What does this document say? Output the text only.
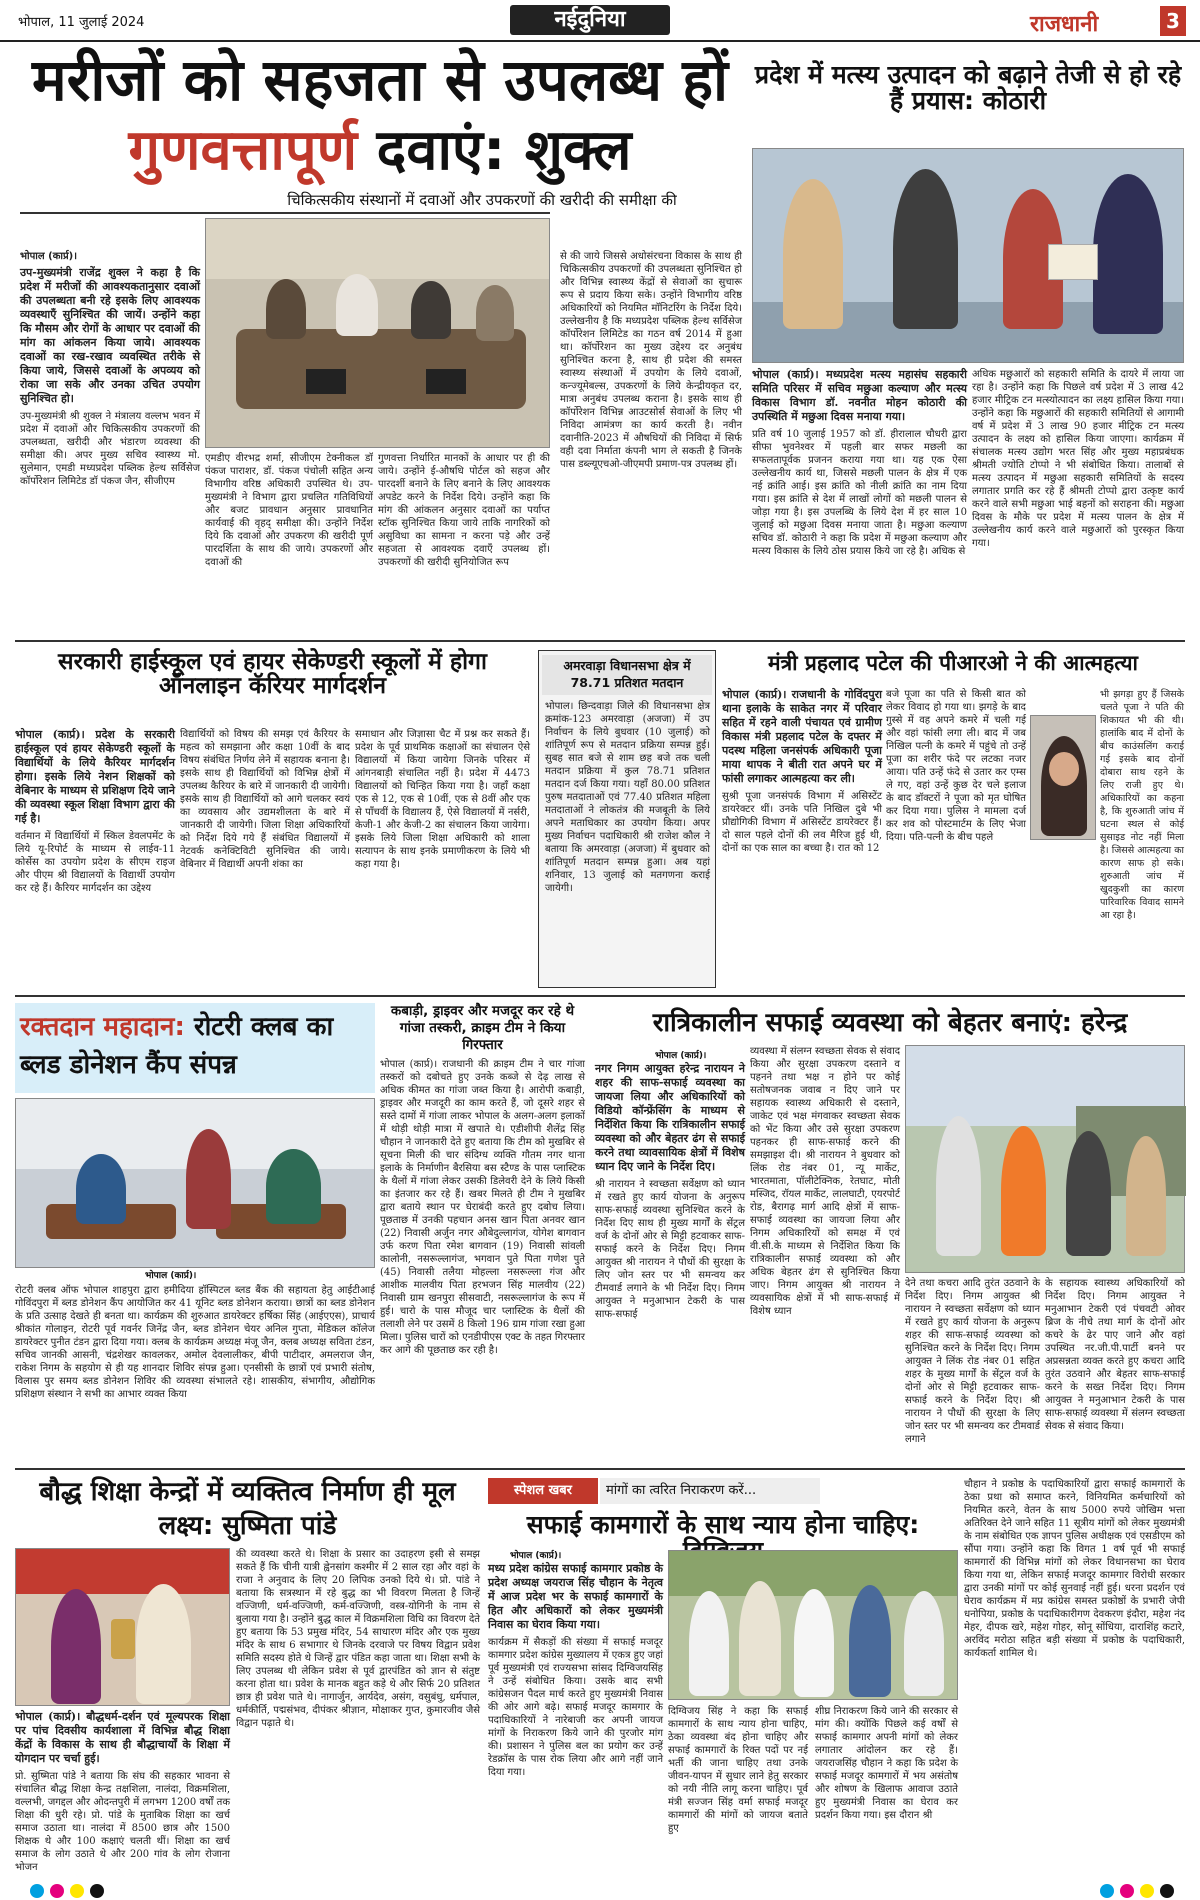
भोपाल, 11 जुलाई 2024	नईदुनिया	राजधानी	3
मरीजों को सहजता से उपलब्ध हों
गुणवत्तापूर्ण दवाएं: शुक्ल
चिकित्सकीय संस्थानों में दवाओं और उपकरणों की खरीदी की समीक्षा की
भोपाल (कार्प्र)।

उप-मुख्यमंत्री राजेंद्र शुक्ल ने कहा है कि प्रदेश में मरीजों की आवश्यकतानुसार दवाओं की उपलब्धता बनी रहे इसके लिए आवश्यक व्यवस्थाएँ सुनिश्चित की जायें। उन्होंने कहा कि मौसम और रोगों के आधार पर दवाओं की मांग का आंकलन किया जाये। आवश्यक दवाओं का रख-रखाव व्यवस्थित तरीके से किया जाये, जिससे दवाओं के अपव्यय को रोका जा सके और उनका उचित उपयोग सुनिश्चित हो।

उप-मुख्यमंत्री श्री शुक्ल ने मंत्रालय वल्लभ भवन में प्रदेश में दवाओं और चिकित्सकीय उपकरणों की उपलब्धता, खरीदी और भंडारण व्यवस्था की समीक्षा की। अपर मुख्य सचिव स्वास्थ्य मो. सुलेमान, एमडी मध्यप्रदेश पब्लिक हेल्थ सर्विसेज कॉर्पोरेशन लिमिटेड डॉ पंकज जैन, सीजीएम

एमडीए वीरभद्र शर्मा, सीजीएम टेक्नीकल डॉ पंकज पाराशर, डॉ. पंकज पंचोली सहित अन्य विभागीय वरिष्ठ अधिकारी उपस्थित थे। उप-मुख्यमंत्री ने विभाग द्वारा प्रचलित गतिविधियों और बजट प्रावधान अनुसार प्रावधानित कार्यवाई की वृहद् समीक्षा की। उन्होंने निर्देश दिये कि दवाओं और उपकरण की खरीदी पूर्ण पारदर्शिता के साथ की जाये। उपकरणों और दवाओं की
गुणवत्ता निर्धारित मानकों के आधार पर ही की जाये। उन्होंने ई-औषधि पोर्टल को सहज और पारदर्शी बनाने के लिए बनाने के लिए आवश्यक अपडेट करने के निर्देश दिये। उन्होंने कहा कि मांग की आंकलन अनुसार दवाओं का पर्याप्त स्टॉक सुनिश्चित किया जाये ताकि नागरिकों को असुविधा का सामना न करना पड़े और उन्हें सहजता से आवश्यक दवाएँ उपलब्ध हों। उपकरणों की खरीदी सुनियोजित रूप
से की जाये जिससे अधोसंरचना विकास के साथ ही चिकित्सकीय उपकरणों की उपलब्धता सुनिश्चित हो और विभिन्न स्वास्थ्य केंद्रों से सेवाओं का सुचारू रूप से प्रदाय किया सके। उन्होंने विभागीय वरिष्ठ अधिकारियों को नियमित मॉनिटरिंग के निर्देश दिये। उल्लेखनीय है कि मध्यप्रदेश पब्लिक हेल्थ सर्विसेज कॉर्पोरेशन लिमिटेड का गठन वर्ष 2014 में हुआ था। कॉर्पोरेशन का मुख्य उद्देश्य दर अनुबंध सुनिश्चित करना है, साथ ही प्रदेश की समस्त स्वास्थ्य संस्थाओं में उपयोग के लिये दवाओं, कन्ज्यूमेबल्स, उपकरणों के लिये केन्द्रीयकृत दर, मात्रा अनुबंध उपलब्ध कराना है। इसके साथ ही कॉर्पोरेशन विभिन्न आउटसोर्स सेवाओं के लिए भी निविदा आमंत्रण का कार्य करती है। नवीन दवानीति-2023 में औषधियों की निविदा में सिर्फ वही दवा निर्माता कंपनी भाग ले सकती है जिनके पास डब्ल्यूएचओ-जीएमपी प्रमाण-पत्र उपलब्ध हों।
प्रदेश में मत्स्य उत्पादन को बढ़ाने तेजी से हो रहे हैं प्रयास: कोठारी

भोपाल (कार्प्र)। मध्यप्रदेश मत्स्य महासंघ सहकारी समिति परिसर में सचिव मछुआ कल्याण और मत्स्य विकास विभाग डॉ. नवनीत मोहन कोठारी की उपस्थिति में मछुआ दिवस मनाया गया।

प्रति वर्ष 10 जुलाई 1957 को डॉ. हीरालाल चौधरी द्वारा सीफा भुवनेश्वर में पहली बार सफर मछली का सफलतापूर्वक प्रजनन कराया गया था। यह एक ऐसा उल्लेखनीय कार्य था, जिससे मछली पालन के क्षेत्र में एक नई क्रांति आई। इस क्रांति को नीली क्रांति का नाम दिया गया। इस क्रांति से देश में लाखों लोगों को मछली पालन से जोड़ा गया है। इस उपलब्धि के लिये देश में हर साल 10 जुलाई को मछुआ दिवस मनाया जाता है। मछुआ कल्याण सचिव डॉ. कोठारी ने कहा कि प्रदेश में मछुआ कल्याण और मत्स्य विकास के लिये ठोस प्रयास किये जा रहे है। अधिक से

अधिक मछुआरों को सहकारी समिति के दायरे में लाया जा रहा है। उन्होंने कहा कि पिछले वर्ष प्रदेश में 3 लाख 42 हजार मीट्रिक टन मत्स्योत्पादन का लक्ष्य हासिल किया गया। उन्होंने कहा कि मछुआरों की सहकारी समितियों से आगामी वर्ष में प्रदेश में 3 लाख 90 हजार मीट्रिक टन मत्स्य उत्पादन के लक्ष्य को हासिल किया जाएगा। कार्यक्रम में संचालक मत्स्य उद्योग भरत सिंह और मुख्य महाप्रबंधक श्रीमती ज्योति टोप्पो ने भी संबोधित किया। तालाबों से मत्स्य उत्पादन में मछुआ सहकारी समितियों के सदस्य लगातार प्रगति कर रहे हैं श्रीमती टोप्पो द्वारा उत्कृष्ट कार्य करने वाले सभी मछुआ भाई बहनों को सराहना की। मछुआ दिवस के मौके पर प्रदेश में मत्स्य पालन के क्षेत्र में उल्लेखनीय कार्य करने वाले मछुआरों को पुरस्कृत किया गया।
सरकारी हाईस्कूल एवं हायर सेकेण्डरी स्कूलों में होगा ऑनलाइन कॅरियर मार्गदर्शन

भोपाल (कार्प्र)। प्रदेश के सरकारी हाईस्कूल एवं हायर सेकेण्डरी स्कूलों के विद्यार्थियों के लिये कैरियर मार्गदर्शन होगा। इसके लिये नेशन शिक्षकों को वेबिनार के माध्यम से प्रशिक्षण दिये जाने की व्यवस्था स्कूल शिक्षा विभाग द्वारा की गई है।

वर्तमान में विद्यार्थियों में स्किल डेवलपमेंट के लिये यू-रिपोर्ट के माध्यम से लाईव-11 कोर्सेस का उपयोग प्रदेश के सीएम राइज और पीएम श्री विद्यालयों के विद्यार्थी उपयोग कर रहे हैं। कैरियर मार्गदर्शन का उद्देश्य

विद्यार्थियों को विषय की समझ एवं कैरियर के महत्व को समझाना और कक्षा 10वीं के बाद विषय संबंधित निर्णय लेने में सहायक बनाना है। इसके साथ ही विद्यार्थियों को विभिन्न क्षेत्रों में उपलब्ध कैरियर के बारे में जानकारी दी जायेगी। इसके साथ ही विद्यार्थियों को आगे चलकर स्वयं का व्यवसाय और उद्यमशीलता के बारे में जानकारी दी जायेगी। जिला शिक्षा अधिकारियों को निर्देश दिये गये हैं संबंधित विद्यालयों में नेटवर्क कनेक्टिविटी सुनिश्चित की जाये। वेबिनार में विद्यार्थी अपनी शंका का
समाधान और जिज्ञासा चैट में प्रश्न कर सकते हैं। प्रदेश के पूर्व प्राथमिक कक्षाओं का संचालन ऐसे विद्यालयों में किया जायेगा जिनके परिसर में आंगनबाड़ी संचालित नहीं है। प्रदेश में 4473 विद्यालयों को चिन्हित किया गया है। जहाँ कक्षा एक से 12, एक से 10वीं, एक से 8वीं और एक से पाँचवीं के विद्यालय हैं, ऐसे विद्यालयों में नर्सरी, केजी-1 और केजी-2 का संचालन किया जायेगा। इसके लिये जिला शिक्षा अधिकारी को शाला सत्यापन के साथ इनके प्रमाणीकरण के लिये भी कहा गया है।
अमरवाड़ा विधानसभा क्षेत्र में 78.71 प्रतिशत मतदान
भोपाल। छिन्दवाड़ा जिले की विधानसभा क्षेत्र क्रमांक-123 अमरवाड़ा (अजजा) में उप निर्वाचन के लिये बुधवार (10 जुलाई) को शांतिपूर्ण रूप से मतदान प्रक्रिया सम्पन्न हुई। सुबह सात बजे से शाम छह बजे तक चली मतदान प्रक्रिया में कुल 78.71 प्रतिशत मतदान दर्ज किया गया। यहाँ 80.00 प्रतिशत पुरुष मतदाताओं एवं 77.40 प्रतिशत महिला मतदाताओं ने लोकतंत्र की मजबूती के लिये अपने मताधिकार का उपयोग किया। अपर मुख्य निर्वाचन पदाधिकारी श्री राजेश कौल ने बताया कि अमरवाड़ा (अजजा) में बुधवार को शांतिपूर्ण मतदान सम्पन्न हुआ। अब यहां शनिवार, 13 जुलाई को मतगणना कराई जायेगी।
मंत्री प्रहलाद पटेल की पीआरओ ने की आत्महत्या

भोपाल (कार्प्र)। राजधानी के गोविंदपुरा थाना इलाके के साकेत नगर में परिवार सहित में रहने वाली पंचायत एवं ग्रामीण विकास मंत्री प्रहलाद पटेल के दफ्तर में पदस्थ महिला जनसंपर्क अधिकारी पूजा माया थापक ने बीती रात अपने घर में फांसी लगाकर आत्महत्या कर ली।

सुश्री पूजा जनसंपर्क विभाग में असिस्टेंट डायरेक्टर थीं। उनके पति निखिल दुबे भी प्रौद्योगिकी विभाग में असिस्टेंट डायरेक्टर हैं। दो साल पहले दोनों की लव मैरिज हुई थी, दोनों का एक साल का बच्चा है। रात को 12

बजे पूजा का पति से किसी बात को लेकर विवाद हो गया था। झगड़े के बाद गुस्से में वह अपने कमरे में चली गई और वहां फांसी लगा ली। बाद में जब निखिल पत्नी के कमरे में पहुंचे तो उन्हें पूजा का शरीर फंदे पर लटका नजर आया। पति उन्हें फंदे से उतार कर एम्स ले गए, वहां उन्हें कुछ देर चले इलाज के बाद डॉक्टरों ने पूजा को मृत घोषित कर दिया गया। पुलिस ने मामला दर्ज कर शव को पोस्टमार्टम के लिए भेजा दिया। पति-पत्नी के बीच पहले
भी झगड़ा हुए हैं जिसके चलते पूजा ने पति की शिकायत भी की थी। हालांकि बाद में दोनों के बीच काउंसलिंग कराई गई इसके बाद दोनों दोबारा साथ रहने के लिए राजी हुए थे। अधिकारियों का कहना है, कि शुरुआती जांच में घटना स्थल से कोई सुसाइड नोट नहीं मिला है। जिससे आत्महत्या का कारण साफ हो सके। शुरुआती जांच में खुदकुशी का कारण पारिवारिक विवाद सामने आ रहा है।
रक्तदान महादान: रोटरी क्लब का ब्लड डोनेशन कैंप संपन्न
भोपाल (कार्प्र)।
रोटरी क्लब ऑफ भोपाल शाहपुरा द्वारा हमीदिया हॉस्पिटल ब्लड बैंक की सहायता हेतु आईटीआई गोविंदपुरा में ब्लड डोनेशन कैंप आयोजित कर 41 यूनिट ब्लड डोनेशन कराया। छात्रों का ब्लड डोनेशन के प्रति उत्साह देखते ही बनता था। कार्यक्रम की शुरुआत डायरेक्टर हर्षिका सिंह (आईएएस), प्राचार्य श्रीकांत गोलाइन, रोटरी पूर्व गवर्नर जिनेंद्र जैन, ब्लड डोनेशन चेयर अनिल गुप्ता, मेडिकल कॉलेज डायरेक्टर पुनीत टंडन द्वारा दिया गया। क्लब के कार्यक्रम अध्यक्ष मंजू जैन, क्लब अध्यक्ष सविता टंडन, सचिव जानकी आसनी, चंद्रशेखर कावलकर, अमोल देवलालीकर, बीपी पाटीदार, अमलराज जैन, राकेश निगम के सहयोग से ही यह शानदार शिविर संपन्न हुआ। एनसीसी के छात्रों एवं प्रभारी संतोष, विलास पुर समय ब्लड डोनेशन शिविर की व्यवस्था संभालते रहे। शासकीय, संभागीय, औद्योगिक प्रशिक्षण संस्थान ने सभी का आभार व्यक्त किया
कबाड़ी, ड्राइवर और मजदूर कर रहे थे गांजा तस्करी, क्राइम टीम ने किया गिरफ्तार
भोपाल (कार्प्र)। राजधानी की क्राइम टीम ने चार गांजा तस्करों को दबोचते हुए उनके कब्जे से देढ़ लाख से अधिक कीमत का गांजा जब्त किया है। आरोपी कबाड़ी, ड्राइवर और मजदूरी का काम करते हैं, जो दूसरे शहर से सस्ते दामों में गांजा लाकर भोपाल के अलग-अलग इलाकों में थोड़ी थोड़ी मात्रा में खपाते थे। एडीशीपी शैलेंद्र सिंह चौहान ने जानकारी देते हुए बताया कि टीम को मुखबिर से सूचना मिली की चार संदिग्ध व्यक्ति गौतम नगर थाना इलाके के निर्माणीन बैरसिया बस स्टैण्ड के पास प्लास्टिक के थैलों में गांजा लेकर उसकी डिलेवरी देने के लिये किसी का इंतजार कर रहे हैं। खबर मिलते ही टीम ने मुखबिर द्वारा बताये स्थान पर घेराबंदी करते हुए दबोच लिया। पूछताछ में उनकी पहचान अनस खान पिता अनवर खान (22) निवासी अर्जुन नगर औबेदुल्लागंज, योगेश बागवान उर्फ करण पिता रमेश बागवान (19) निवासी सांवली कालोनी, नसरूल्लागंज, भगवान पुते पिता गणेश पुते (45) निवासी तलैया मोहल्ला नसरूल्ला गंज और आशीक मालवीय पिता हरभजन सिंह मालवीय (22) निवासी ग्राम खनपुरा सीसवाटी, नसरूल्लागंज के रूप में हुई। चारो के पास मौजूद चार प्लास्टिक के थैलों की तलाशी लेने पर उसमें 8 किलो 196 ग्राम गांजा रखा हुआ मिला। पुलिस चारों को एनडीपीएस एक्ट के तहत गिरफ्तार कर आगे की पूछताछ कर रही है।
रात्रिकालीन सफाई व्यवस्था को बेहतर बनाएं: हरेन्द्र
भोपाल (कार्प्र)।

नगर निगम आयुक्त हरेन्द्र नारायन ने शहर की साफ-सफाई व्यवस्था का जायजा लिया और अधिकारियों को विडियो कॉन्फ्रेंसिंग के माध्यम से निर्देशित किया कि रात्रिकालीन सफाई व्यवस्था को और बेहतर ढंग से सफाई करने तथा व्यावसायिक क्षेत्रों में विशेष ध्यान दिए जाने के निर्देश दिए।

श्री नारायन ने स्वच्छता सर्वेक्षण को ध्यान में रखते हुए कार्य योजना के अनुरूप साफ-सफाई व्यवस्था सुनिश्चित करने के निर्देश दिए साथ ही मुख्य मार्गों के सेंट्रल वर्ज के दोनों ओर से मिट्टी हटवाकर साफ-सफाई करने के निर्देश दिए। निगम आयुक्त श्री नारायन ने पौधों की सुरक्षा के लिए जोन स्तर पर भी समन्वय कर टीमवार्ड लगाने के भी निर्देश दिए। निगम आयुक्त ने मनुआभान टेकरी के पास साफ-सफाई

व्यवस्था में संलग्न स्वच्छता सेवक से संवाद किया और सुरक्षा उपकरण दस्ताने व पहनने तथा भक्ष न होने पर कोई सतोषजनक जवाब न दिए जाने पर सहायक स्वास्थ्य अधिकारी से दस्ताने, जाकेट एवं भक्ष मंगवाकर स्वच्छता सेवक को भेंट किया और उसे सुरक्षा उपकरण पहनकर ही साफ-सफाई करने की समझाइश दी। श्री नारायन ने बुधवार को लिंक रोड नंबर 01, न्यू मार्केट, भारतमाता, पॉलीटेक्निक, रेतघाट, मोती मस्जिद, रॉयल मार्केट, लालघाटी, एयरपोर्ट रोड, बैरागढ़ मार्ग आदि क्षेत्रों में साफ-सफाई व्यवस्था का जायजा लिया और निगम अधिकारियों को समक्ष में एवं वी.सी.के माध्यम से निर्देशित किया कि रात्रिकालीन सफाई व्यवस्था को और अधिक बेहतर ढंग से सुनिश्चित किया जाए। निगम आयुक्त श्री नारायन ने व्यवसायिक क्षेत्रों में भी साफ-सफाई में विशेष ध्यान
देने तथा कचरा आदि तुरंत उठवाने के निर्देश दिए। निगम आयुक्त श्री नारायन ने स्वच्छता सर्वेक्षण को ध्यान में रखते हुए कार्य योजना के अनुरूप शहर की साफ-सफाई व्यवस्था को सुनिश्चित करने के निर्देश दिए। निगम आयुक्त ने लिंक रोड नंबर 01 सहित शहर के मुख्य मार्गों के सेंट्रल वर्ज के दोनों ओर से मिट्टी हटवाकर साफ-सफाई करने के निर्देश दिए। श्री नारायन ने पौधों की सुरक्षा के लिए जोन स्तर पर भी समन्वय कर टीमवार्ड लगाने
के सहायक स्वास्थ्य अधिकारियों को निर्देश दिए। निगम आयुक्त ने मनुआभान टेकरी एवं पंचवटी ओवर ब्रिज के नीचे तथा मार्ग के दोनों ओर कचरे के ढेर पाए जाने और वहां उपस्थित नर.जी.पी.पार्टी बनने पर अप्रसन्नता व्यक्त करते हुए कचरा आदि तुरंत उठवाने और बेहतर साफ-सफाई करने के सख्त निर्देश दिए। निगम आयुक्त ने मनुआभान टेकरी के पास साफ-सफाई व्यवस्था में संलग्न स्वच्छता सेवक से संवाद किया।
बौद्ध शिक्षा केन्द्रों में व्यक्तित्व निर्माण ही मूल लक्ष्य: सुष्मिता पांडे

भोपाल (कार्प्र)। बौद्धधर्म-दर्शन एवं मूल्यपरक शिक्षा पर पांच दिवसीय कार्यशाला में विभिन्न बौद्ध शिक्षा केंद्रों के विकास के साथ ही बौद्धाचार्यों के शिक्षा में योगदान पर चर्चा हुई।

प्रो. सुष्मिता पांडे ने बताया कि संघ की सहकार भावना से संचालित बौद्ध शिक्षा केन्द्र तक्षशिला, नालंदा, विक्रमशिला, वल्लभी, जगद्दल और ओदन्तपुरी में लगभग 1200 वर्षों तक शिक्षा की धुरी रहे। प्रो. पांडे के मुताबिक शिक्षा का खर्च समाज उठाता था। नालंदा में 8500 छात्र और 1500 शिक्षक थे और 100 कक्षाएं चलती थीं। शिक्षा का खर्च समाज के लोग उठाते थे और 200 गांव के लोग रोजाना भोजन

की व्यवस्था करते थे। शिक्षा के प्रसार का उदाहरण इसी से समझ सकते हैं कि चीनी यात्री ह्वेनसांग कश्मीर में 2 साल रहा और वहां के राजा ने अनुवाद के लिए 20 लिपिक उनको दिये थे। प्रो. पांडे ने बताया कि सत्रस्थान में रहे बुद्ध का भी विवरण मिलता है जिन्हें वज्जिणी, धर्म-वज्जिणी, कर्म-वज्जिणी, वस्त्र-योगिनी के नाम से बुलाया गया है। उन्होंने बुद्ध काल में विक्रमशिला विधि का विवरण देते हुए बताया कि 53 प्रमुख मंदिर, 54 साधारण मंदिर और एक मुख्य मंदिर के साथ 6 सभागार थे जिनके दरवाजे पर विषय विद्वान प्रवेश समिति सदस्य होते थे जिन्हें द्वार पंडित कहा जाता था। शिक्षा सभी के लिए उपलब्ध थी लेकिन प्रवेश से पूर्व द्वारपंडित को ज्ञान से संतुष्ट करना होता था। प्रवेश के मानक बहुत कड़े थे और सिर्फ 20 प्रतिशत छात्र ही प्रवेश पाते थे। नागार्जुन, आर्यदेव, असंग, वसुबंधु, धर्मपाल, धर्मकीर्ति, पद्मसंभव, दीपंकर श्रीज्ञान, मोक्षाकर गुप्त, कुमारजीव जैसे विद्वान पढ़ाते थे।
स्पेशल खबर	मांगों का त्वरित निराकरण करें...
सफाई कामगारों के साथ न्याय होना चाहिए:
भोपाल (कार्प्र)।

मध्य प्रदेश कांग्रेस सफाई कामगार प्रकोष्ठ के प्रदेश अध्यक्ष जयराज सिंह चौहान के नेतृत्व में आज प्रदेश भर के सफाई कामगारों के हित और अधिकारों को लेकर मुख्यमंत्री निवास का घेराव किया गया।

कार्यक्रम में सैकड़ों की संख्या में सफाई मजदूर कामगार प्रदेश कांग्रेस मुख्यालय में एकत्र हुए जहां पूर्व मुख्यमंत्री एवं राज्यसभा सांसद दिग्विजयसिंह ने उन्हें संबोधित किया। उसके बाद सभी कांग्रेसजन पैदल मार्च करते हुए मुख्यमंत्री निवास की ओर आगे बढ़े। सफाई मजदूर कामगार के पदाधिकारियों ने नारेबाजी कर अपनी जायज मांगों के निराकरण किये जाने की पुरजोर मांग की। प्रशासन ने पुलिस बल का प्रयोग कर उन्हें रेडक्रॉस के पास रोक लिया और आगे नहीं जाने दिया गया।

दिग्विजय सिंह ने कहा कि सफाई कामगारों के साथ न्याय होना चाहिए, ठेका व्यवस्था बंद होना चाहिए और सफाई कामगारों के रिक्त पदों पर नई भर्ती की जाना चाहिए तथा उनके जीवन-यापन में सुधार लाने हेतु सरकार को नयी नीति लागू करना चाहिए। पूर्व मंत्री सज्जन सिंह वर्मा सफाई मजदूर कामगारों की मांगों को जायज बताते हुए
शीघ्र निराकरण किये जाने की सरकार से मांग की। क्योंकि पिछले कई वर्षों से सफाई कामगार अपनी मांगों को लेकर लगातार आंदोलन कर रहे हैं। जयराजसिंह चौहान ने कहा कि प्रदेश के सफाई मजदूर कामगारों में भय असंतोष और शोषण के खिलाफ आवाज उठाते हुए मुख्यमंत्री निवास का घेराव कर प्रदर्शन किया गया। इस दौरान श्री
चौहान ने प्रकोष्ठ के पदाधिकारियों द्वारा सफाई कामगारों के ठेका प्रथा को समाप्त करने, विनियमित कर्मचारियों को नियमित करने, वेतन के साथ 5000 रुपये जोखिम भत्ता अतिरिक्त देने जाने सहित 11 सूत्रीय मांगों को लेकर मुख्यमंत्री के नाम संबोधित एक ज्ञापन पुलिस अधीक्षक एवं एसडीएम को सौंपा गया। उन्होंने कहा कि विगत 1 वर्ष पूर्व भी सफाई कामगारों की विभिन्न मांगों को लेकर विधानसभा का घेराव किया गया था, लेकिन सफाई मजदूर कामगार विरोधी सरकार द्वारा उनकी मांगों पर कोई सुनवाई नहीं हुई। धरना प्रदर्शन एवं घेराव कार्यक्रम में मप्र कांग्रेस समस्त प्रकोष्ठों के प्रभारी जेपी धनोपिया, प्रकोष्ठ के पदाधिकारीगण देवकरण इंदौरा, महेश नंद मेहर, दीपक खरे, महेश गोहर, सोनू सोंधिया, दाराशिंह कटारे, अरविंद मरोठा सहित बड़ी संख्या में प्रकोष्ठ के पदाधिकारी, कार्यकर्ता शामिल थे।
